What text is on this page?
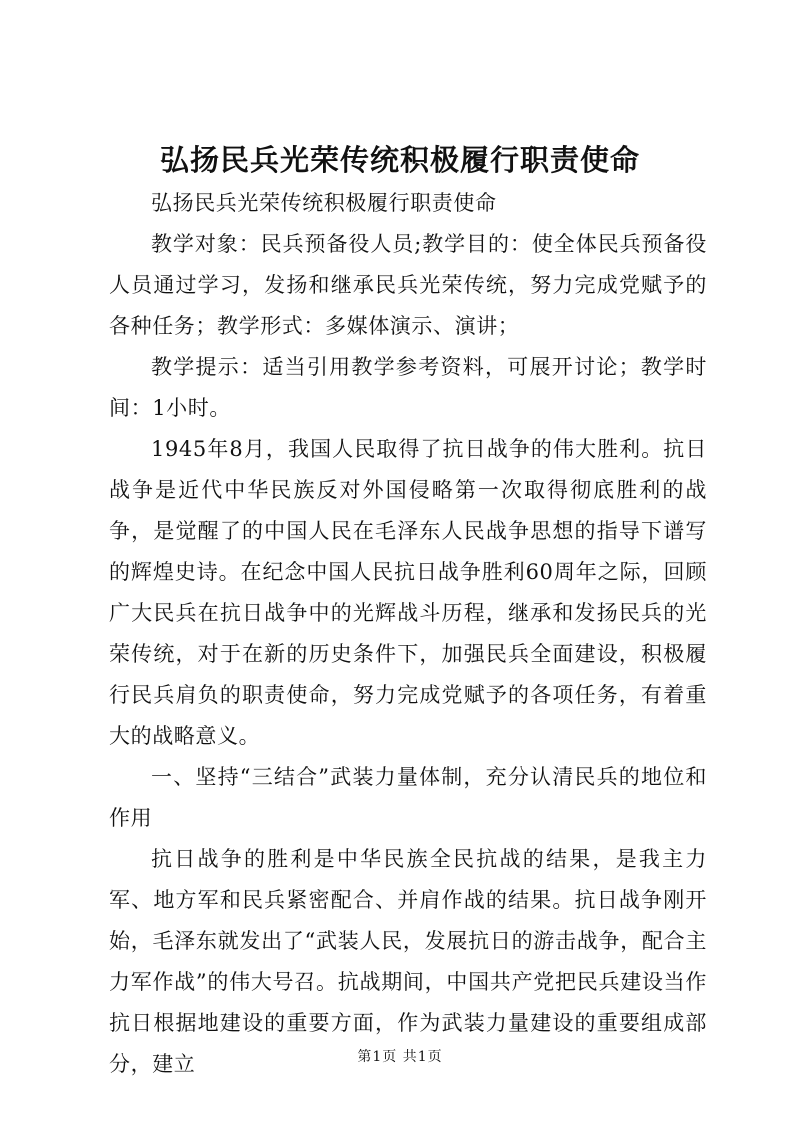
弘扬民兵光荣传统积极履行职责使命

弘扬民兵光荣传统积极履行职责使命

教学对象：民兵预备役人员;教学目的：使全体民兵预备役人员通过学习，发扬和继承民兵光荣传统，努力完成党赋予的各种任务；教学形式：多媒体演示、演讲；

教学提示：适当引用教学参考资料，可展开讨论；教学时间：1小时。

1945年8月，我国人民取得了抗日战争的伟大胜利。抗日战争是近代中华民族反对外国侵略第一次取得彻底胜利的战争，是觉醒了的中国人民在毛泽东人民战争思想的指导下谱写的辉煌史诗。在纪念中国人民抗日战争胜利60周年之际，回顾广大民兵在抗日战争中的光辉战斗历程，继承和发扬民兵的光荣传统，对于在新的历史条件下，加强民兵全面建设，积极履行民兵肩负的职责使命，努力完成党赋予的各项任务，有着重大的战略意义。

一、坚持“三结合”武装力量体制，充分认清民兵的地位和作用

抗日战争的胜利是中华民族全民抗战的结果，是我主力军、地方军和民兵紧密配合、并肩作战的结果。抗日战争刚开始，毛泽东就发出了“武装人民，发展抗日的游击战争，配合主力军作战”的伟大号召。抗战期间，中国共产党把民兵建设当作抗日根据地建设的重要方面，作为武装力量建设的重要组成部分，建立	第1页 共1页
